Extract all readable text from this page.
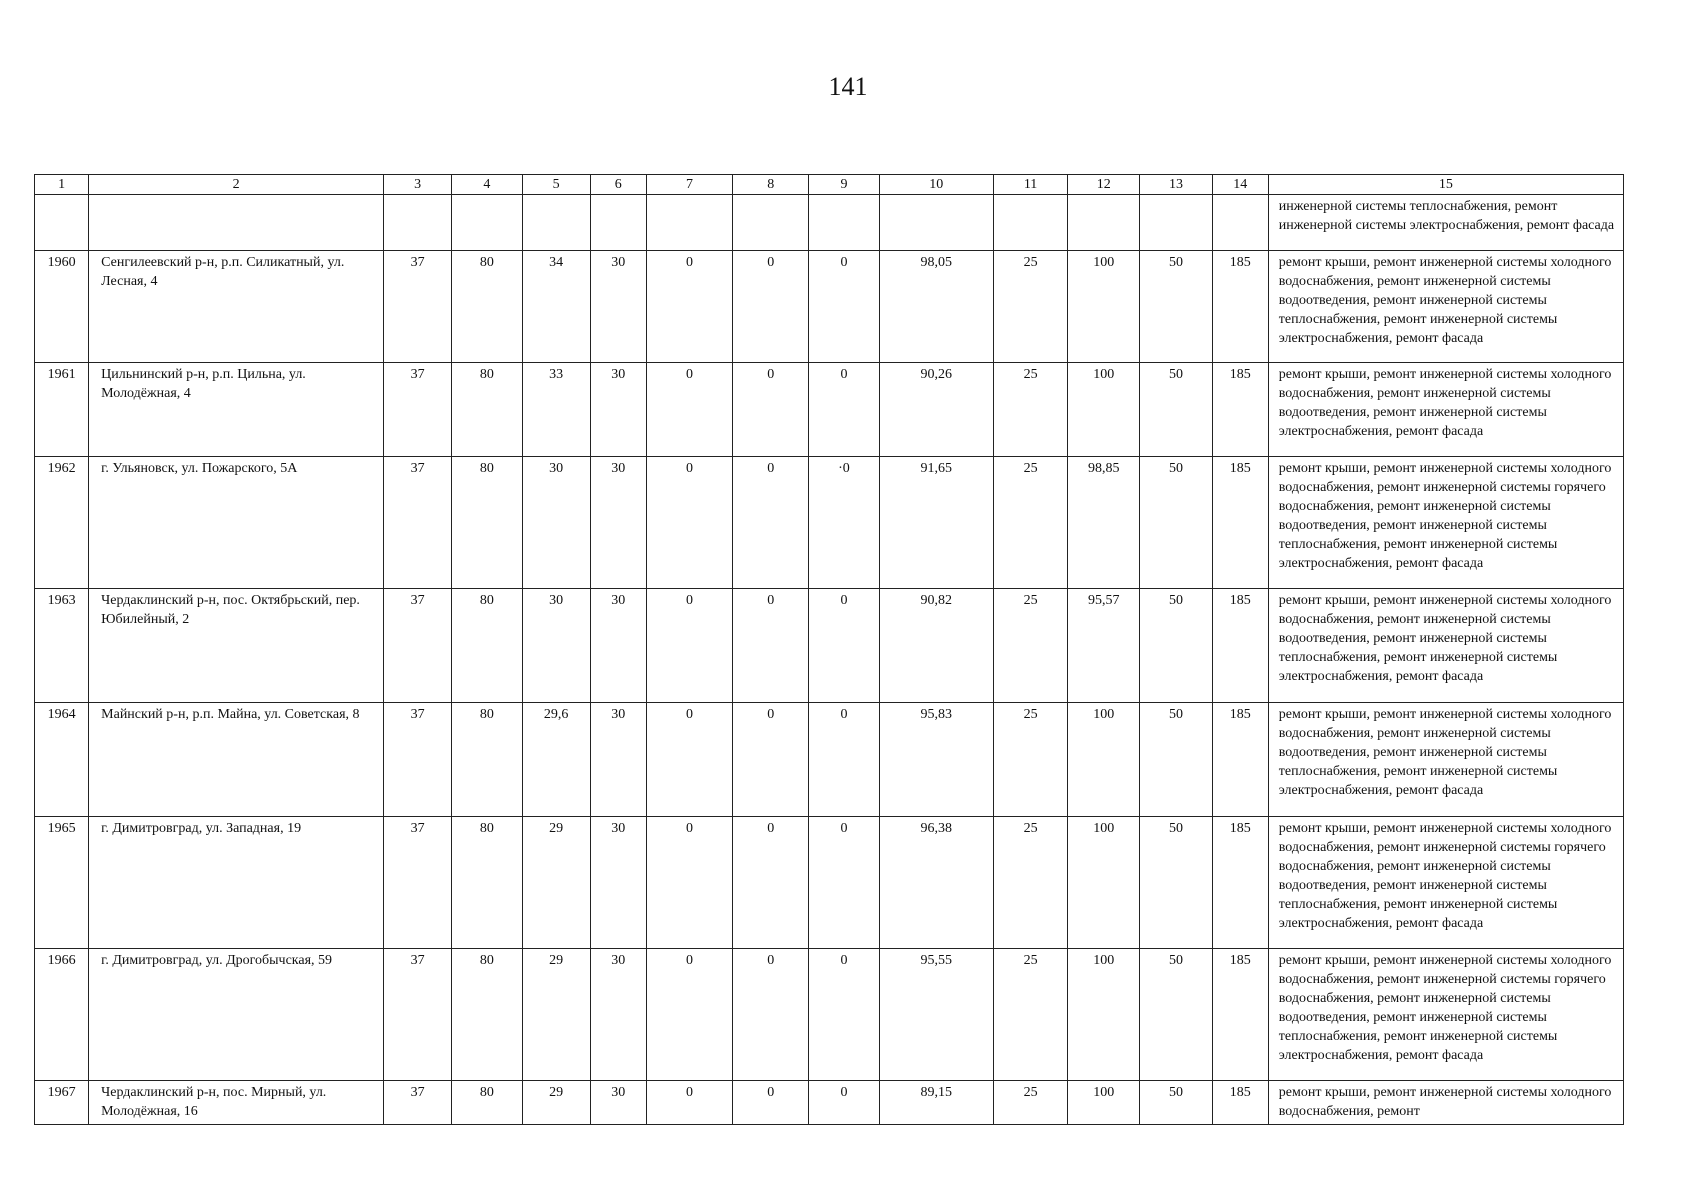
141
1	2	3	4	5	6	7	8	9	10	11	12	13	14	15
														инженерной системы теплоснабжения, ремонт инженерной системы электроснабжения, ремонт фасада
1960	Сенгилеевский р-н, р.п. Силикатный, ул. Лесная, 4	37	80	34	30	0	0	0	98,05	25	100	50	185	ремонт крыши, ремонт инженерной системы холодного водоснабжения, ремонт инженерной системы водоотведения, ремонт инженерной системы теплоснабжения, ремонт инженерной системы электроснабжения, ремонт фасада
1961	Цильнинский р-н, р.п. Цильна, ул. Молодёжная, 4	37	80	33	30	0	0	0	90,26	25	100	50	185	ремонт крыши, ремонт инженерной системы холодного водоснабжения, ремонт инженерной системы водоотведения, ремонт инженерной системы электроснабжения, ремонт фасада
1962	г. Ульяновск, ул. Пожарского, 5А	37	80	30	30	0	0	·0	91,65	25	98,85	50	185	ремонт крыши, ремонт инженерной системы холодного водоснабжения, ремонт инженерной системы горячего водоснабжения, ремонт инженерной системы водоотведения, ремонт инженерной системы теплоснабжения, ремонт инженерной системы электроснабжения, ремонт фасада
1963	Чердаклинский р-н, пос. Октябрьский, пер. Юбилейный, 2	37	80	30	30	0	0	0	90,82	25	95,57	50	185	ремонт крыши, ремонт инженерной системы холодного водоснабжения, ремонт инженерной системы водоотведения, ремонт инженерной системы теплоснабжения, ремонт инженерной системы электроснабжения, ремонт фасада
1964	Майнский р-н, р.п. Майна, ул. Советская, 8	37	80	29,6	30	0	0	0	95,83	25	100	50	185	ремонт крыши, ремонт инженерной системы холодного водоснабжения, ремонт инженерной системы водоотведения, ремонт инженерной системы теплоснабжения, ремонт инженерной системы электроснабжения, ремонт фасада
1965	г. Димитровград, ул. Западная, 19	37	80	29	30	0	0	0	96,38	25	100	50	185	ремонт крыши, ремонт инженерной системы холодного водоснабжения, ремонт инженерной системы горячего водоснабжения, ремонт инженерной системы водоотведения, ремонт инженерной системы теплоснабжения, ремонт инженерной системы электроснабжения, ремонт фасада
1966	г. Димитровград, ул. Дрогобычская, 59	37	80	29	30	0	0	0	95,55	25	100	50	185	ремонт крыши, ремонт инженерной системы холодного водоснабжения, ремонт инженерной системы горячего водоснабжения, ремонт инженерной системы водоотведения, ремонт инженерной системы теплоснабжения, ремонт инженерной системы электроснабжения, ремонт фасада
1967	Чердаклинский р-н, пос. Мирный, ул. Молодёжная, 16	37	80	29	30	0	0	0	89,15	25	100	50	185	ремонт крыши, ремонт инженерной системы холодного водоснабжения, ремонт
